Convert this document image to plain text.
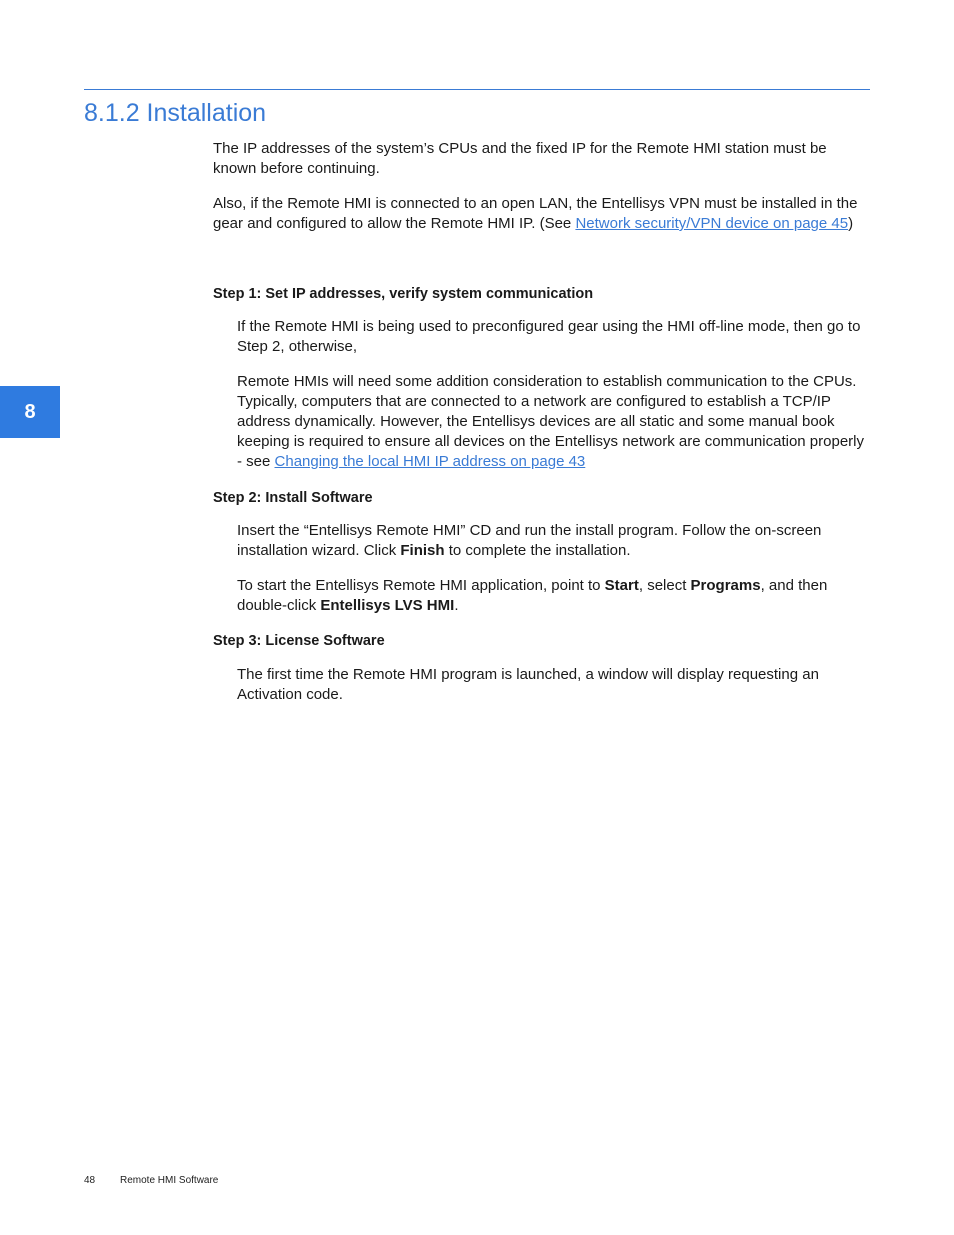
8.1.2 Installation
8

The IP addresses of the system’s CPUs and the fixed IP for the Remote HMI station must be known before continuing.

Also, if the Remote HMI is connected to an open LAN, the Entellisys VPN must be installed in the gear and configured to allow the Remote HMI IP. (See Network security/VPN device on page 45)

Step 1: Set IP addresses, verify system communication

If the Remote HMI is being used to preconfigured gear using the HMI off-line mode, then go to Step 2, otherwise,

Remote HMIs will need some addition consideration to establish communication to the CPUs. Typically, computers that are connected to a network are configured to establish a TCP/IP address dynamically. However, the Entellisys devices are all static and some manual book keeping is required to ensure all devices on the Entellisys network are communication properly - see Changing the local HMI IP address on page 43

Step 2: Install Software

Insert the “Entellisys Remote HMI” CD and run the install program. Follow the on-screen installation wizard. Click Finish to complete the installation.

To start the Entellisys Remote HMI application, point to Start, select Programs, and then double-click Entellisys LVS HMI.

Step 3: License Software

The first time the Remote HMI program is launched, a window will display requesting an Activation code.

48 Remote HMI Software
